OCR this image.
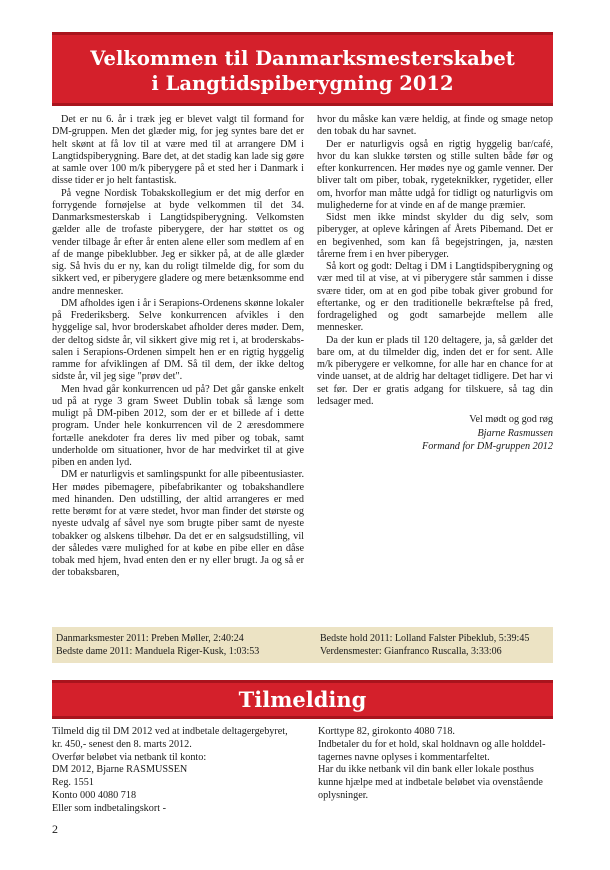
Velkommen til Danmarksmesterskabet
i Langtidspiberygning 2012

Det er nu 6. år i træk jeg er blevet valgt til formand for DM-gruppen. Men det glæder mig, for jeg syntes bare det er helt skønt at få lov til at være med til at arrangere DM i Langtidspiberygning. Bare det, at det stadig kan lade sig gøre at samle over 100 m/k piberygere på et sted her i Danmark i disse tider er jo helt fantastisk.

På vegne Nordisk Tobakskollegium er det mig derfor en forrygende fornøjelse at byde velkommen til det 34. Danmarksmesterskab i Langtidspiberygning. Velkomsten gælder alle de trofaste piberygere, der har støttet os og vender tilbage år efter år enten alene eller som medlem af en af de mange pibeklubber. Jeg er sikker på, at de alle glæder sig. Så hvis du er ny, kan du roligt tilmelde dig, for som du sikkert ved, er piberygere gladere og mere betænksomme end andre mennesker.

DM afholdes igen i år i Serapions-Ordenens skønne lokaler på Frederiksberg. Selve konkurrencen afvikles i den hyggelige sal, hvor broderskabet afholder deres møder. Dem, der deltog sidste år, vil sikkert give mig ret i, at broderskabs-salen i Serapions-Ordenen simpelt hen er en rigtig hyggelig ramme for afviklingen af DM. Så til dem, der ikke deltog sidste år, vil jeg sige "prøv det".

Men hvad går konkurrencen ud på? Det går ganske enkelt ud på at ryge 3 gram Sweet Dublin tobak så længe som muligt på DM-piben 2012, som der er et billede af i dette program. Under hele konkurrencen vil de 2 æresdommere fortælle anekdoter fra deres liv med piber og tobak, samt underholde om situationer, hvor de har medvirket til at give piben en anden lyd.

DM er naturligvis et samlingspunkt for alle pibeentusiaster. Her mødes pibemagere, pibefabrikanter og tobakshandlere med hinanden. Den udstilling, der altid arrangeres er med rette berømt for at være stedet, hvor man finder det største og nyeste udvalg af såvel nye som brugte piber samt de nyeste tobakker og alskens tilbehør. Da det er en salgsudstilling, vil der således være mulighed for at købe en pibe eller en dåse tobak med hjem, hvad enten den er ny eller brugt. Ja og så er der tobaksbaren,

hvor du måske kan være heldig, at finde og smage netop den tobak du har savnet.

Der er naturligvis også en rigtig hyggelig bar/café, hvor du kan slukke tørsten og stille sulten både før og efter konkurrencen. Her mødes nye og gamle venner. Der bliver talt om piber, tobak, rygeteknikker, rygetider, eller om, hvorfor man måtte udgå for tidligt og naturligvis om mulighederne for at vinde en af de mange præmier.

Sidst men ikke mindst skylder du dig selv, som piberyger, at opleve kåringen af Årets Pibemand. Det er en begivenhed, som kan få begejstringen, ja, næsten tårerne frem i en hver piberyger.

Så kort og godt: Deltag i DM i Langtidspiberygning og vær med til at vise, at vi piberygere står sammen i disse svære tider, om at en god pibe tobak giver grobund for eftertanke, og er den traditionelle bekræftelse på fred, fordragelighed og godt samarbejde mellem alle mennesker.

Da der kun er plads til 120 deltagere, ja, så gælder det bare om, at du tilmelder dig, inden det er for sent. Alle m/k piberygere er velkomne, for alle har en chance for at vinde uanset, at de aldrig har deltaget tidligere. Det har vi set før. Der er gratis adgang for tilskuere, så tag din ledsager med.

Vel mødt og god røg
Bjarne Rasmussen
Formand for DM-gruppen 2012
Danmarksmester 2011: Preben Møller, 2:40:24
Bedste dame 2011: Manduela Riger-Kusk, 1:03:53
Bedste hold 2011: Lolland Falster Pibeklub, 5:39:45
Verdensmester: Gianfranco Ruscalla, 3:33:06
Tilmelding
Tilmeld dig til DM 2012 ved at indbetale deltagergebyret,
kr. 450,- senest den 8. marts 2012.
Overfør beløbet via netbank til konto:
DM 2012, Bjarne RASMUSSEN
Reg. 1551
Konto 000 4080 718
Eller som indbetalingskort -
Korttype 82, girokonto 4080 718.
Indbetaler du for et hold, skal holdnavn og alle holddel-
tagernes navne oplyses i kommentarfeltet.
Har du ikke netbank vil din bank eller lokale posthus
kunne hjælpe med at indbetale beløbet via ovenstående
oplysninger.
2
